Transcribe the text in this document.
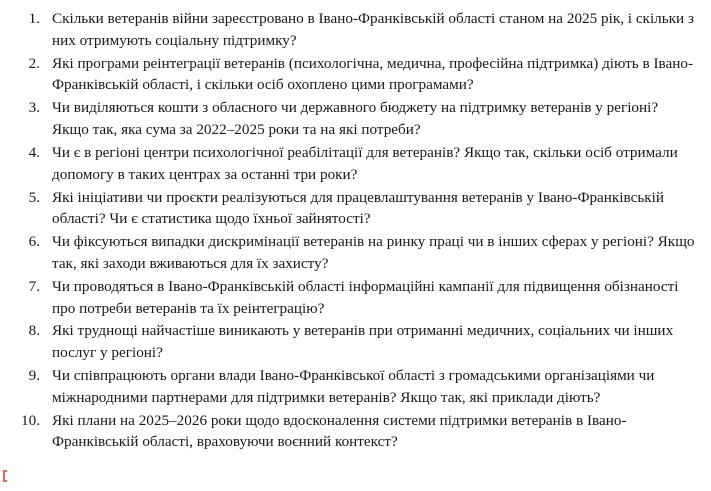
1. Скільки ветеранів війни зареєстровано в Івано-Франківській області станом на 2025 рік, і скільки з них отримують соціальну підтримку?
2. Які програми реінтеграції ветеранів (психологічна, медична, професійна підтримка) діють в Івано-Франківській області, і скільки осіб охоплено цими програмами?
3. Чи виділяються кошти з обласного чи державного бюджету на підтримку ветеранів у регіоні? Якщо так, яка сума за 2022–2025 роки та на які потреби?
4. Чи є в регіоні центри психологічної реабілітації для ветеранів? Якщо так, скільки осіб отримали допомогу в таких центрах за останні три роки?
5. Які ініціативи чи проєкти реалізуються для працевлаштування ветеранів у Івано-Франківській області? Чи є статистика щодо їхньої зайнятості?
6. Чи фіксуються випадки дискримінації ветеранів на ринку праці чи в інших сферах у регіоні? Якщо так, які заходи вживаються для їх захисту?
7. Чи проводяться в Івано-Франківській області інформаційні кампанії для підвищення обізнаності про потреби ветеранів та їх реінтеграцію?
8. Які труднощі найчастіше виникають у ветеранів при отриманні медичних, соціальних чи інших послуг у регіоні?
9. Чи співпрацюють органи влади Івано-Франківської області з громадськими організаціями чи міжнародними партнерами для підтримки ветеранів? Якщо так, які приклади діють?
10. Які плани на 2025–2026 роки щодо вдосконалення системи підтримки ветеранів в Івано-Франківській області, враховуючи воєнний контекст?
